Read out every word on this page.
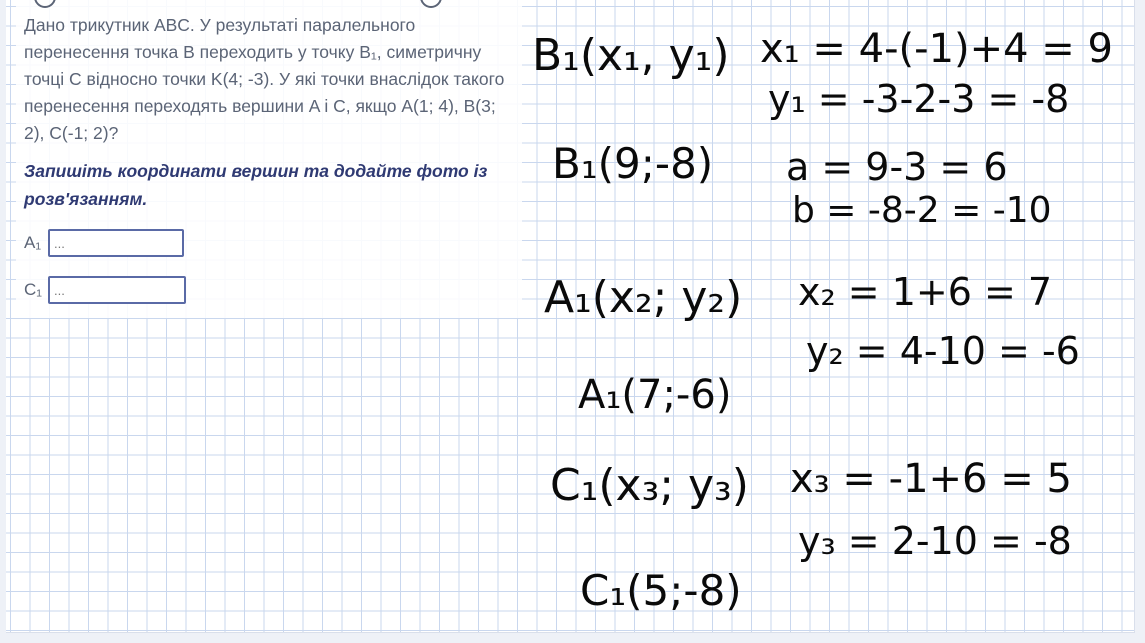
Дано трикутник ABC. У результаті паралельного перенесення точка B переходить у точку B₁, симетричну точці C відносно точки K(4; -3). У які точки внаслідок такого перенесення переходять вершини A і C, якщо A(1; 4), B(3; 2), C(-1; 2)?

Запишіть координати вершин та додайте фото із розв'язанням.

A₁
...
C₁
...
B₁(x₁, y₁) x₁ = 4-(-1)+4 = 9
y₁ = -3-2-3 = -8
B₁(9;-8) a = 9-3 = 6
b = -8-2 = -10
A₁(x₂; y₂) x₂ = 1+6 = 7
y₂ = 4-10 = -6
A₁(7;-6)
C₁(x₃; y₃) x₃ = -1+6 = 5
y₃ = 2-10 = -8
C₁(5;-8)
